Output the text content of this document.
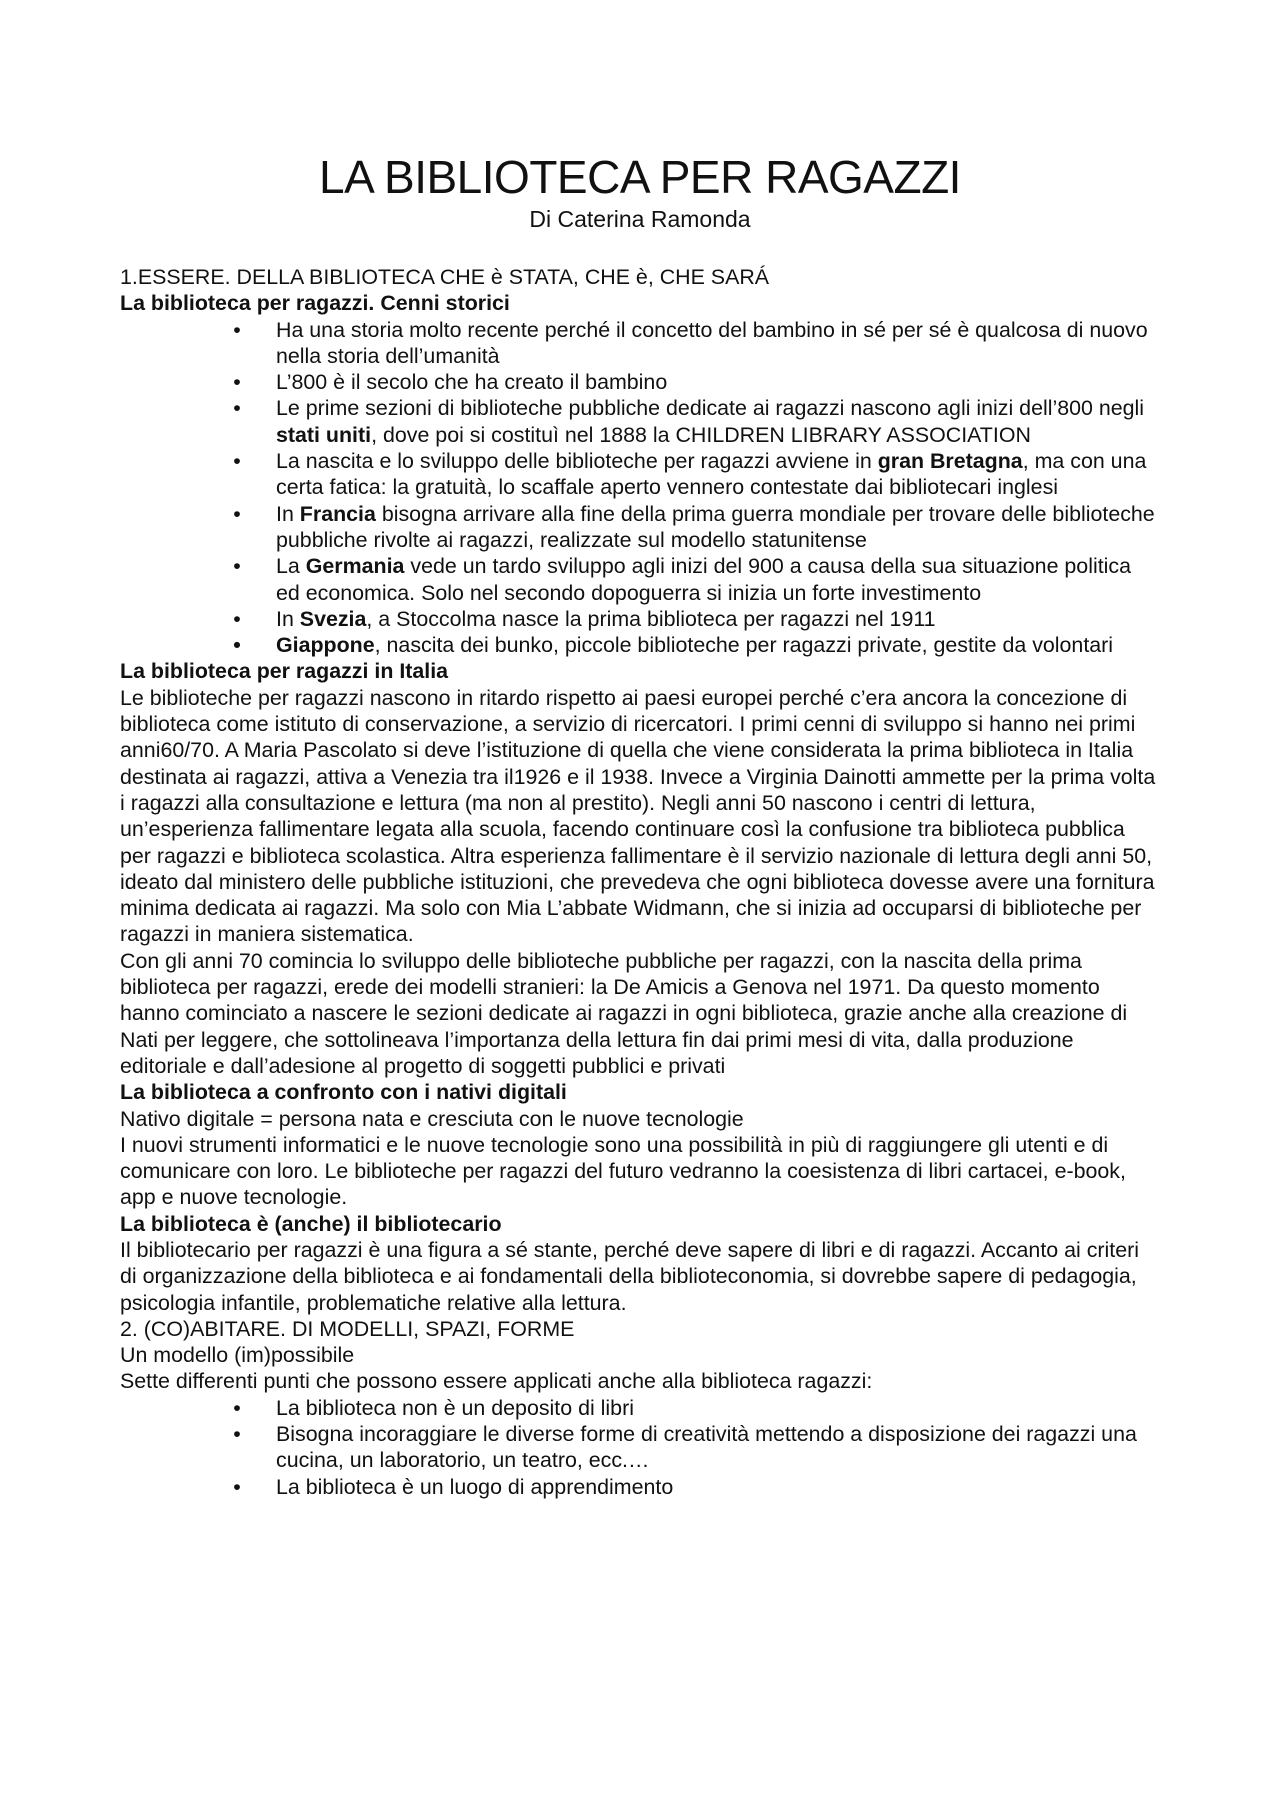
LA BIBLIOTECA PER RAGAZZI

Di Caterina Ramonda

1.ESSERE. DELLA BIBLIOTECA CHE è STATA, CHE è, CHE SARÁ

La biblioteca per ragazzi. Cenni storici
•	Ha una storia molto recente perché il concetto del bambino in sé per sé è qualcosa di nuovo nella storia dell’umanità
•	L’800 è il secolo che ha creato il bambino
•	Le prime sezioni di biblioteche pubbliche dedicate ai ragazzi nascono agli inizi dell’800 negli stati uniti, dove poi si costituì nel 1888 la CHILDREN LIBRARY ASSOCIATION
•	La nascita e lo sviluppo delle biblioteche per ragazzi avviene in gran Bretagna, ma con una certa fatica: la gratuità, lo scaffale aperto vennero contestate dai bibliotecari inglesi
•	In Francia bisogna arrivare alla fine della prima guerra mondiale per trovare delle biblioteche pubbliche rivolte ai ragazzi, realizzate sul modello statunitense
•	La Germania vede un tardo sviluppo agli inizi del 900 a causa della sua situazione politica ed economica. Solo nel secondo dopoguerra si inizia un forte investimento
•	In Svezia, a Stoccolma nasce la prima biblioteca per ragazzi nel 1911
•	Giappone, nascita dei bunko, piccole biblioteche per ragazzi private, gestite da volontari
La biblioteca per ragazzi in Italia

Le biblioteche per ragazzi nascono in ritardo rispetto ai paesi europei perché c’era ancora la concezione di biblioteca come istituto di conservazione, a servizio di ricercatori. I primi cenni di sviluppo si hanno nei primi anni60/70. A Maria Pascolato si deve l’istituzione di quella che viene considerata la prima biblioteca in Italia destinata ai ragazzi, attiva a Venezia tra il1926 e il 1938. Invece a Virginia Dainotti ammette per la prima volta i ragazzi alla consultazione e lettura (ma non al prestito). Negli anni 50 nascono i centri di lettura, un’esperienza fallimentare legata alla scuola, facendo continuare così la confusione tra biblioteca pubblica per ragazzi e biblioteca scolastica. Altra esperienza fallimentare è il servizio nazionale di lettura degli anni 50, ideato dal ministero delle pubbliche istituzioni, che prevedeva che ogni biblioteca dovesse avere una fornitura minima dedicata ai ragazzi. Ma solo con Mia L’abbate Widmann, che si inizia ad occuparsi di biblioteche per ragazzi in maniera sistematica.

Con gli anni 70 comincia lo sviluppo delle biblioteche pubbliche per ragazzi, con la nascita della prima biblioteca per ragazzi, erede dei modelli stranieri: la De Amicis a Genova nel 1971. Da questo momento hanno cominciato a nascere le sezioni dedicate ai ragazzi in ogni biblioteca, grazie anche alla creazione di Nati per leggere, che sottolineava l’importanza della lettura fin dai primi mesi di vita, dalla produzione editoriale e dall’adesione al progetto di soggetti pubblici e privati

La biblioteca a confronto con i nativi digitali

Nativo digitale = persona nata e cresciuta con le nuove tecnologie

I nuovi strumenti informatici e le nuove tecnologie sono una possibilità in più di raggiungere gli utenti e di comunicare con loro. Le biblioteche per ragazzi del futuro vedranno la coesistenza di libri cartacei, e-book, app e nuove tecnologie.

La biblioteca è (anche) il bibliotecario

Il bibliotecario per ragazzi è una figura a sé stante, perché deve sapere di libri e di ragazzi. Accanto ai criteri di organizzazione della biblioteca e ai fondamentali della biblioteconomia, si dovrebbe sapere di pedagogia, psicologia infantile, problematiche relative alla lettura.

2. (CO)ABITARE. DI MODELLI, SPAZI, FORME

Un modello (im)possibile

Sette differenti punti che possono essere applicati anche alla biblioteca ragazzi:

•	La biblioteca non è un deposito di libri
•	Bisogna incoraggiare le diverse forme di creatività mettendo a disposizione dei ragazzi una cucina, un laboratorio, un teatro, ecc.…
•	La biblioteca è un luogo di apprendimento
